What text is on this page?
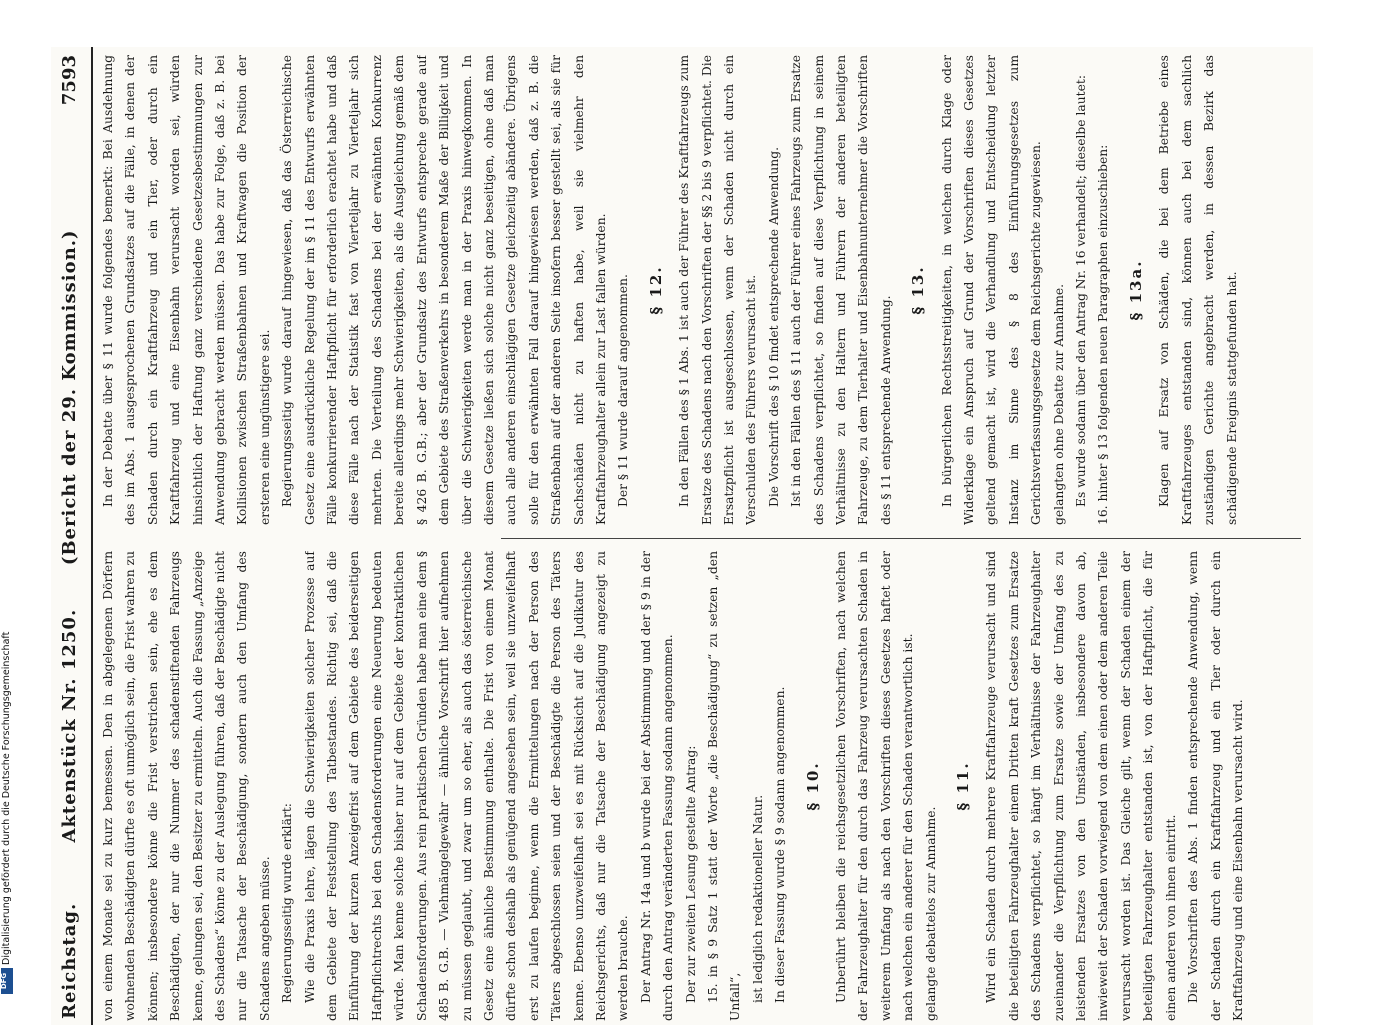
Digitalisierung gefördert durch die Deutsche Forschungsgemeinschaft
DFG	Reichstag.
Aktenstück Nr. 1250.      (Bericht der 29. Kommission.)
7593

von einem Monate sei zu kurz bemessen. Den in abgelegenen Dörfern wohnenden Beschädigten dürfte es oft unmöglich sein, die Frist wahren zu können; insbesondere könne die Frist verstrichen sein, ehe es dem Beschädigten, der nur die Nummer des schadenstiftenden Fahrzeugs kenne, gelungen sei, den Besitzer zu ermitteln. Auch die Fassung „Anzeige des Schadens“ könne zu der Auslegung führen, daß der Beschädigte nicht nur die Tatsache der Beschädigung, sondern auch den Umfang des Schadens angeben müsse. Regierungsseitig wurde erklärt: Wie die Praxis lehre, lägen die Schwierigkeiten solcher Prozesse auf dem Gebiete der Feststellung des Tatbestandes. Richtig sei, daß die Einführung der kurzen Anzeigefrist auf dem Gebiete des beiderseitigen Haftpflichtrechts bei den Schadensforderungen eine Neuerung bedeuten würde. Man kenne solche bisher nur auf dem Gebiete der kontraktlichen Schadensforderungen. Aus rein praktischen Gründen habe man eine dem § 485 B. G.B. — Viehmängelgewähr — ähnliche Vorschrift hier aufnehmen zu müssen geglaubt, und zwar um so eher, als auch das österreichische Gesetz eine ähnliche Bestimmung enthalte. Die Frist von einem Monat dürfte schon deshalb als genügend angesehen sein, weil sie unzweifelhaft erst zu laufen beginne, wenn die Ermittelungen nach der Person des Täters abgeschlossen seien und der Beschädigte die Person des Täters kenne. Ebenso unzweifelhaft sei es mit Rücksicht auf die Judikatur des Reichsgerichts, daß nur die Tatsache der Beschädigung angezeigt zu werden brauche. Der Antrag Nr. 14a und b wurde bei der Abstimmung und der § 9 in der durch den Antrag veränderten Fassung sodann angenommen. Der zur zweiten Lesung gestellte Antrag: 15. in § 9 Satz 1 statt der Worte „die Beschädigung“ zu setzen „den Unfall“, ist lediglich redaktioneller Natur. In dieser Fassung wurde § 9 sodann angenommen. § 10.	Unberührt bleiben die reichsgesetzlichen Vorschriften, nach welchen der Fahrzeughalter für den durch das Fahrzeug verursachten Schaden in weiterem Umfang als nach den Vorschriften dieses Gesetzes haftet oder nach welchen ein anderer für den Schaden verantwortlich ist. gelangte debattelos zur Annahme.

§ 11.	Wird ein Schaden durch mehrere Kraftfahrzeuge verursacht und sind die beteiligten Fahrzeughalter einem Dritten kraft Gesetzes zum Ersatze des Schadens verpflichtet, so hängt im Verhältnisse der Fahrzeughalter zueinander die Verpflichtung zum Ersatze sowie der Umfang des zu leistenden Ersatzes von den Umständen, insbesondere davon ab, inwieweit der Schaden vorwiegend von dem einen oder dem anderen Teile verursacht worden ist. Das Gleiche gilt, wenn der Schaden einem der beteiligten Fahrzeughalter entstanden ist, von der Haftpflicht, die für einen anderen von ihnen eintritt. Die Vorschriften des Abs. 1 finden entsprechende Anwendung, wenn der Schaden durch ein Kraftfahrzeug und ein Tier oder durch ein Kraftfahrzeug und eine Eisenbahn verursacht wird.

In der Debatte über § 11 wurde folgendes bemerkt: Bei Ausdehnung des im Abs. 1 ausgesprochenen Grundsatzes auf die Fälle, in denen der Schaden durch ein Kraftfahrzeug und ein Tier, oder durch ein Kraftfahrzeug und eine Eisenbahn verursacht worden sei, würden hinsichtlich der Haftung ganz verschiedene Gesetzesbestimmungen zur Anwendung gebracht werden müssen. Das habe zur Folge, daß z. B. bei Kollisionen zwischen Straßenbahnen und Kraftwagen die Position der ersteren eine ungünstigere sei. Regierungsseitig wurde darauf hingewiesen, daß das Österreichische Gesetz eine ausdrückliche Regelung der im § 11 des Entwurfs erwähnten Fälle konkurrierender Haftpflicht für erforderlich erachtet habe und daß diese Fälle nach der Statistik fast von Vierteljahr zu Vierteljahr sich mehrten. Die Verteilung des Schadens bei der erwähnten Konkurrenz bereite allerdings mehr Schwierigkeiten, als die Ausgleichung gemäß dem § 426 B. G.B.; aber der Grundsatz des Entwurfs entspreche gerade auf dem Gebiete des Straßenverkehrs in besonderem Maße der Billigkeit und über die Schwierigkeiten werde man in der Praxis hinwegkommen. In diesem Gesetze ließen sich solche nicht ganz beseitigen, ohne daß man auch alle anderen einschlägigen Gesetze gleichzeitig abändere. Übrigens solle für den erwähnten Fall darauf hingewiesen werden, daß z. B. die Straßenbahn auf der anderen Seite insofern besser gestellt sei, als sie für Sachschäden nicht zu haften habe, weil sie vielmehr den Kraftfahrzeughalter allein zur Last fallen würden. Der § 11 wurde darauf angenommen. § 12.	In den Fällen des § 1 Abs. 1 ist auch der Führer des Kraftfahrzeugs zum Ersatze des Schadens nach den Vorschriften der §§ 2 bis 9 verpflichtet. Die Ersatzpflicht ist ausgeschlossen, wenn der Schaden nicht durch ein Verschulden des Führers verursacht ist. Die Vorschrift des § 10 findet entsprechende Anwendung. Ist in den Fällen des § 11 auch der Führer eines Fahrzeugs zum Ersatze des Schadens verpflichtet, so finden auf diese Verpflichtung in seinem Verhältnisse zu den Haltern und Führern der anderen beteiligten Fahrzeuge, zu dem Tierhalter und Eisenbahnunternehmer die Vorschriften des § 11 entsprechende Anwendung.

§ 13.	In bürgerlichen Rechtsstreitigkeiten, in welchen durch Klage oder Widerklage ein Anspruch auf Grund der Vorschriften dieses Gesetzes geltend gemacht ist, wird die Verhandlung und Entscheidung letzter Instanz im Sinne des § 8 des Einführungsgesetzes zum Gerichtsverfassungsgesetze dem Reichsgerichte zugewiesen. gelangten ohne Debatte zur Annahme. Es wurde sodann über den Antrag Nr. 16 verhandelt; dieselbe lautet: 16. hinter § 13 folgenden neuen Paragraphen einzuschieben: § 13a.	Klagen auf Ersatz von Schäden, die bei dem Betriebe eines Kraftfahrzeuges entstanden sind, können auch bei dem sachlich zuständigen Gerichte angebracht werden, in dessen Bezirk das schädigende Ereignis stattgefunden hat.
